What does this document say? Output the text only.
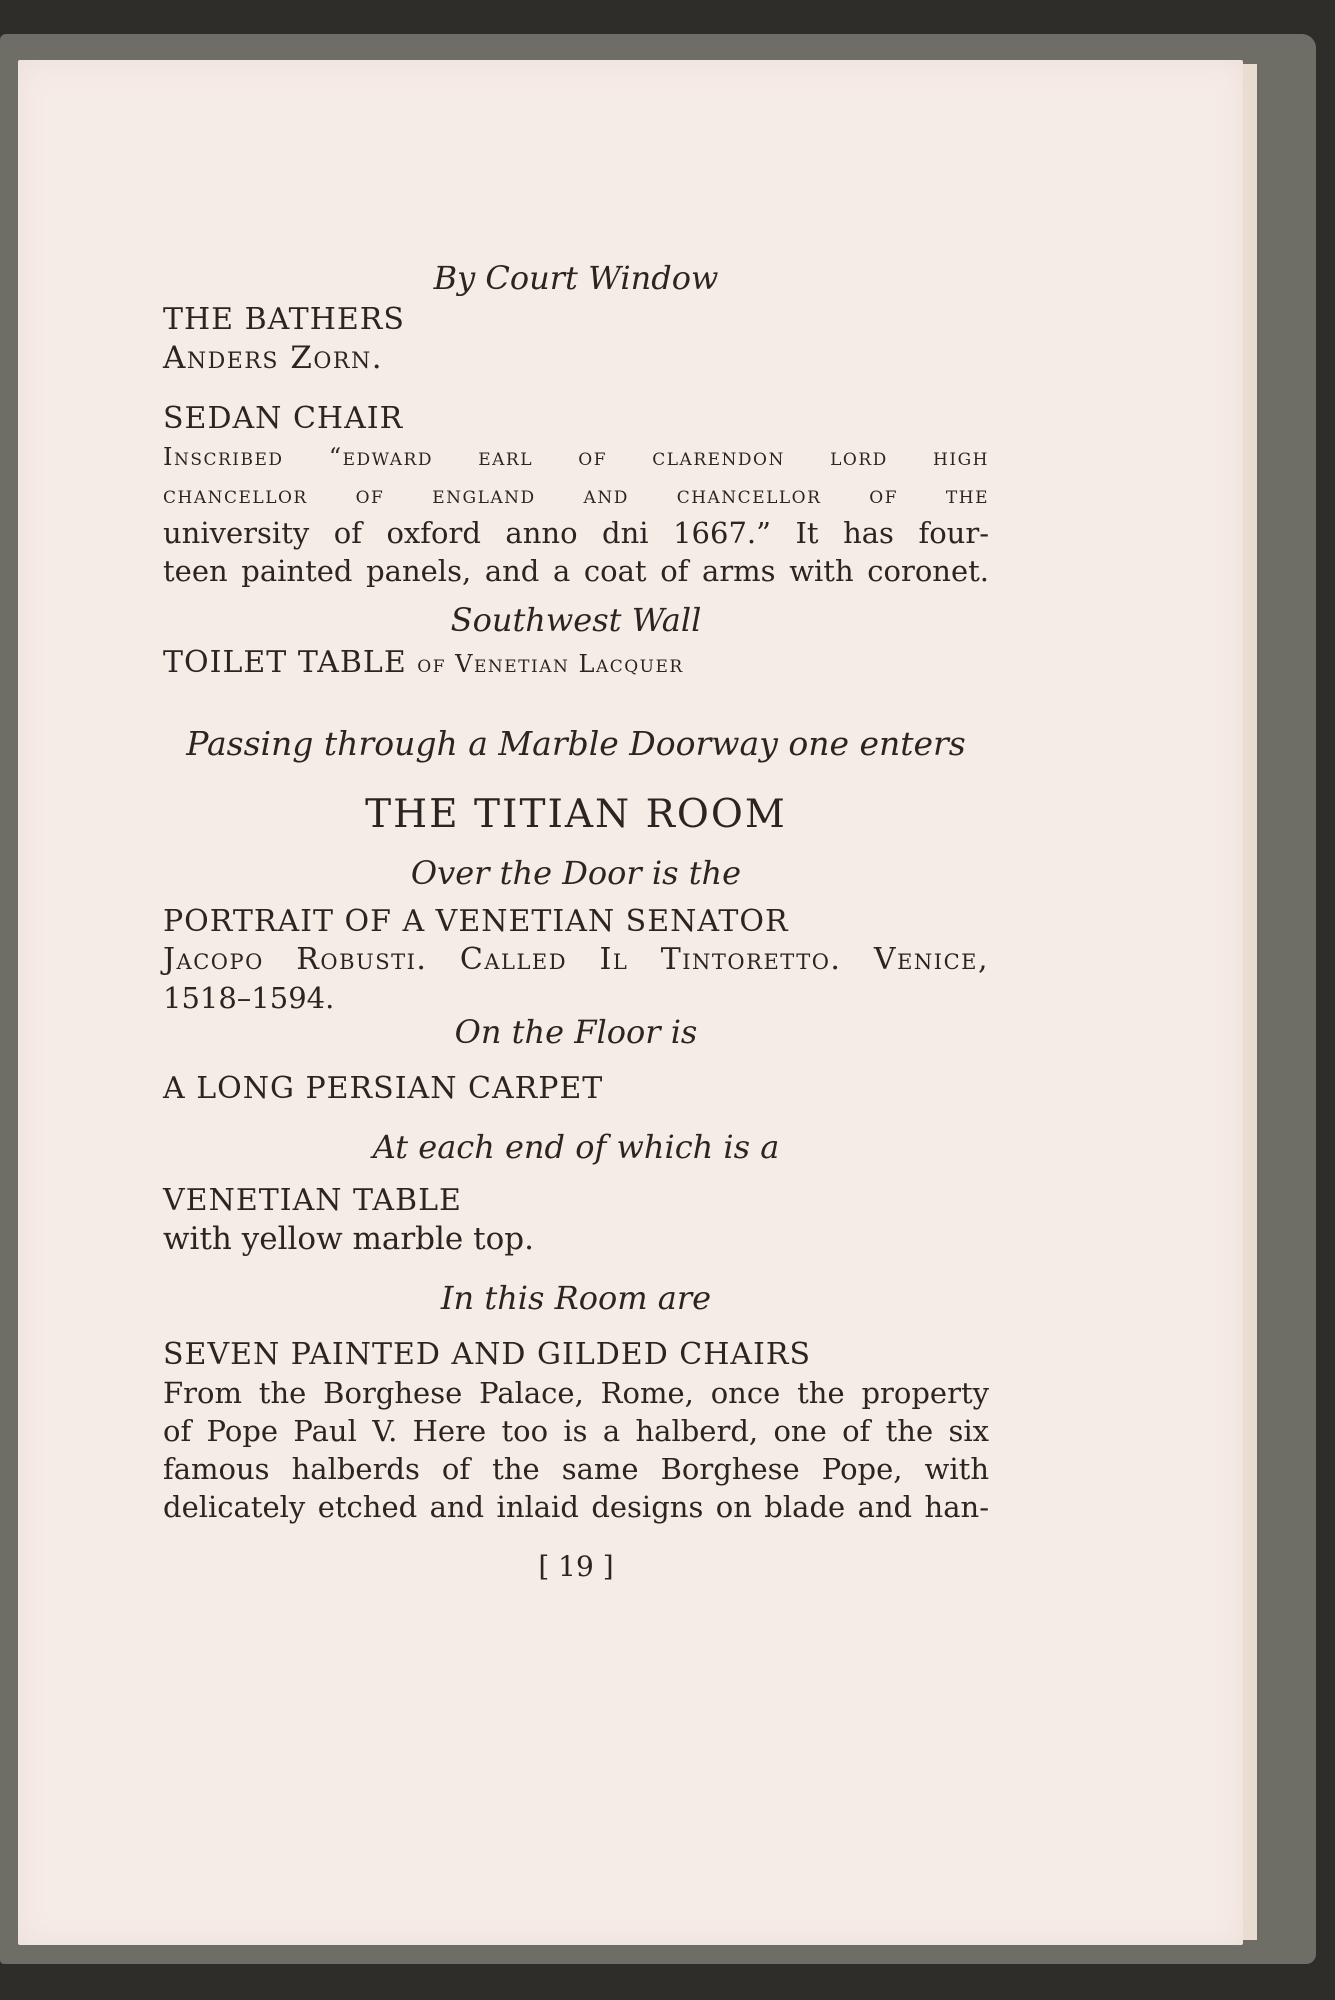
By Court Window
THE BATHERS
Anders Zorn.
SEDAN CHAIR
Inscribed “edward earl of clarendon lord high
chancellor of england and chancellor of the
university of oxford anno dni 1667.” It has four-
teen painted panels, and a coat of arms with coronet.
Southwest Wall
TOILET TABLE of Venetian Lacquer
Passing through a Marble Doorway one enters
THE TITIAN ROOM
Over the Door is the
PORTRAIT OF A VENETIAN SENATOR
Jacopo Robusti. Called Il Tintoretto. Venice,
1518–1594.
On the Floor is
A LONG PERSIAN CARPET
At each end of which is a
VENETIAN TABLE
with yellow marble top.
In this Room are
SEVEN PAINTED AND GILDED CHAIRS
From the Borghese Palace, Rome, once the property
of Pope Paul V. Here too is a halberd, one of the six
famous halberds of the same Borghese Pope, with
delicately etched and inlaid designs on blade and han-
[ 19 ]
